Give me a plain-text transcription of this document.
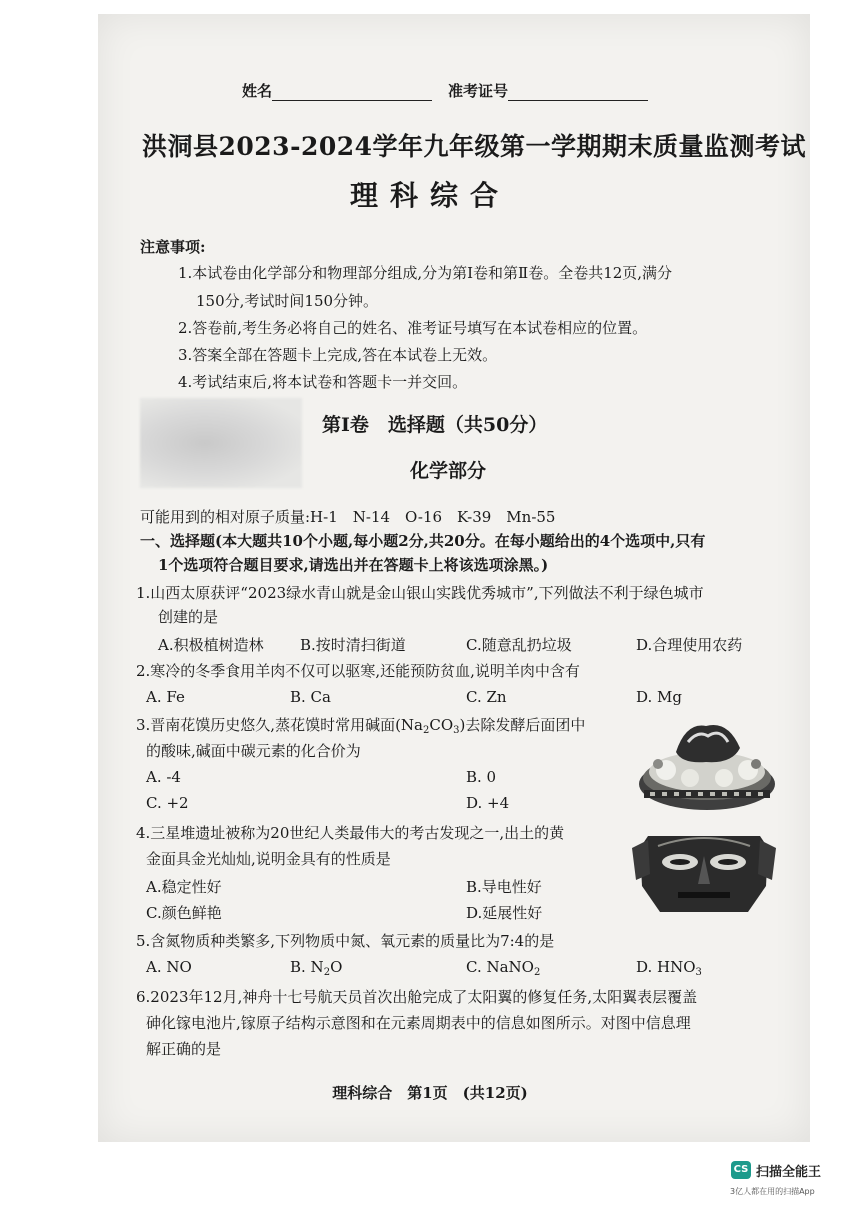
姓名	准考证号
洪洞县2023-2024学年九年级第一学期期末质量监测考试
理科综合
注意事项:
1.本试卷由化学部分和物理部分组成,分为第Ⅰ卷和第Ⅱ卷。全卷共12页,满分
150分,考试时间150分钟。
2.答卷前,考生务必将自己的姓名、准考证号填写在本试卷相应的位置。
3.答案全部在答题卡上完成,答在本试卷上无效。
4.考试结束后,将本试卷和答题卡一并交回。
第Ⅰ卷　选择题（共50分）
化学部分
可能用到的相对原子质量:H-1　N-14　O-16　K-39　Mn-55
一、选择题(本大题共10个小题,每小题2分,共20分。在每小题给出的4个选项中,只有
1个选项符合题目要求,请选出并在答题卡上将该选项涂黑。)
1.山西太原获评“2023绿水青山就是金山银山实践优秀城市”,下列做法不利于绿色城市
创建的是
A.积极植树造林 B.按时清扫街道	C.随意乱扔垃圾	D.合理使用农药
2.寒冷的冬季食用羊肉不仅可以驱寒,还能预防贫血,说明羊肉中含有
A. Fe	B. Ca	C. Zn	D. Mg
3.晋南花馍历史悠久,蒸花馍时常用碱面$(Na_2CO_3)$去除发酵后面团中
的酸味,碱面中碳元素的化合价为
A. -4	B. 0
C. +2	D. +4
4.三星堆遗址被称为20世纪人类最伟大的考古发现之一,出土的黄
金面具金光灿灿,说明金具有的性质是
A.稳定性好	B.导电性好
C.颜色鲜艳	D.延展性好
5.含氮物质种类繁多,下列物质中氮、氧元素的质量比为7:4的是
A. NO	B. $N_2O$	C. NaNO$_2$	D. $HNO_3$
6.2023年12月,神舟十七号航天员首次出舱完成了太阳翼的修复任务,太阳翼表层覆盖
砷化镓电池片,镓原子结构示意图和在元素周期表中的信息如图所示。对图中信息理
解正确的是
理科综合　第1页　(共12页)
CS 扫描全能王
3亿人都在用的扫描App
